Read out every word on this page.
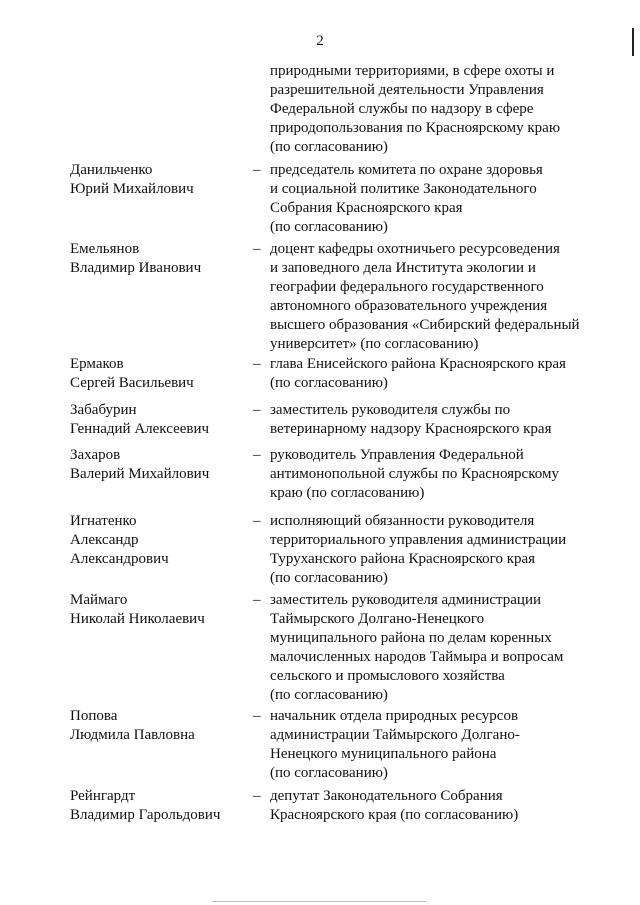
2
природными территориями, в сфере охоты и
разрешительной деятельности Управления
Федеральной службы по надзору в сфере
природопользования по Красноярскому краю
(по согласованию)
Данильченко
Юрий Михайлович
– председатель комитета по охране здоровья
и социальной политике Законодательного
Собрания Красноярского края
(по согласованию)
Емельянов
Владимир Иванович
– доцент кафедры охотничьего ресурсоведения
и заповедного дела Института экологии и
географии федерального государственного
автономного образовательного учреждения
высшего образования «Сибирский федеральный
университет» (по согласованию)
Ермаков
Сергей Васильевич
– глава Енисейского района Красноярского края
(по согласованию)
Забабурин
Геннадий Алексеевич
– заместитель руководителя службы по
ветеринарному надзору Красноярского края
Захаров
Валерий Михайлович
– руководитель Управления Федеральной
антимонопольной службы по Красноярскому
краю (по согласованию)
Игнатенко
Александр
Александрович
– исполняющий обязанности руководителя
территориального управления администрации
Туруханского района Красноярского края
(по согласованию)
Маймаго
Николай Николаевич
– заместитель руководителя администрации
Таймырского Долгано-Ненецкого
муниципального района по делам коренных
малочисленных народов Таймыра и вопросам
сельского и промыслового хозяйства
(по согласованию)
Попова
Людмила Павловна
– начальник отдела природных ресурсов
администрации Таймырского Долгано-
Ненецкого муниципального района
(по согласованию)
Рейнгардт
Владимир Гарольдович
– депутат Законодательного Собрания
Красноярского края (по согласованию)
